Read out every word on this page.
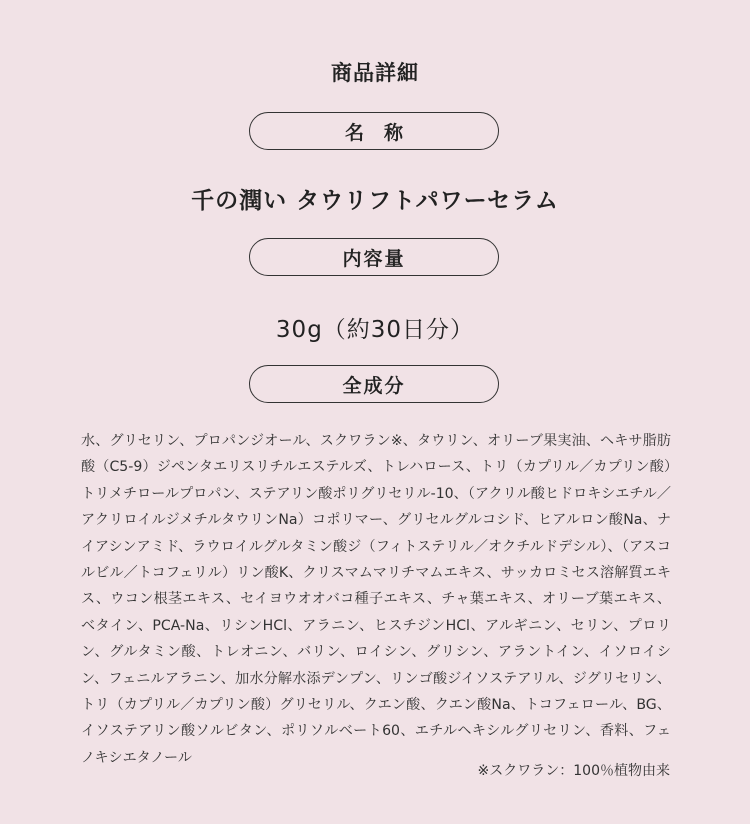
商品詳細
名称
千の潤い タウリフトパワーセラム
内容量
30g（約30日分）
全成分

水、グリセリン、プロパンジオール、スクワラン※、タウリン、オリーブ果実油、ヘキサ脂肪酸（C5-9）ジペンタエリスリチルエステルズ、トレハロース、トリ（カプリル／カプリン酸）トリメチロールプロパン、ステアリン酸ポリグリセリル-10、（アクリル酸ヒドロキシエチル／アクリロイルジメチルタウリンNa）コポリマー、グリセルグルコシド、ヒアルロン酸Na、ナイアシンアミド、ラウロイルグルタミン酸ジ（フィトステリル／オクチルドデシル）、（アスコルビル／トコフェリル）リン酸K、クリスマムマリチマムエキス、サッカロミセス溶解質エキス、ウコン根茎エキス、セイヨウオオバコ種子エキス、チャ葉エキス、オリーブ葉エキス、ベタイン、PCA-Na、リシンHCl、アラニン、ヒスチジンHCl、アルギニン、セリン、プロリン、グルタミン酸、トレオニン、バリン、ロイシン、グリシン、アラントイン、イソロイシン、フェニルアラニン、加水分解水添デンプン、リンゴ酸ジイソステアリル、ジグリセリン、トリ（カプリル／カプリン酸）グリセリル、クエン酸、クエン酸Na、トコフェロール、BG、イソステアリン酸ソルビタン、ポリソルベート60、エチルヘキシルグリセリン、香料、フェノキシエタノール

※スクワラン：100％植物由来
